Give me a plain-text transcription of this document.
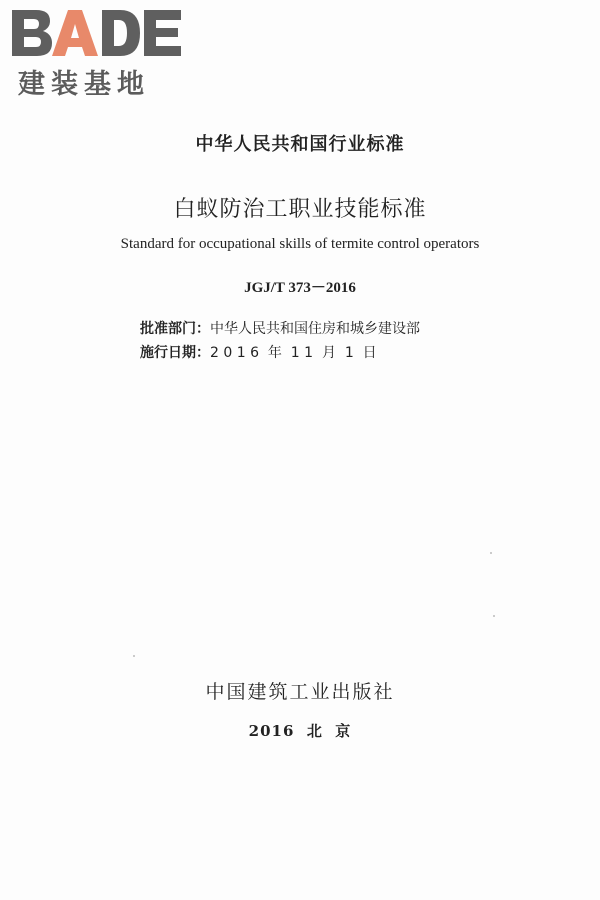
建装基地
中华人民共和国行业标准
白蚁防治工职业技能标准
Standard for occupational skills of termite control operators
JGJ/T 373－2016
批准部门：中华人民共和国住房和城乡建设部
施行日期：2 0 1 6  年  1 1  月  1  日
中国建筑工业出版社
2016  北  京
